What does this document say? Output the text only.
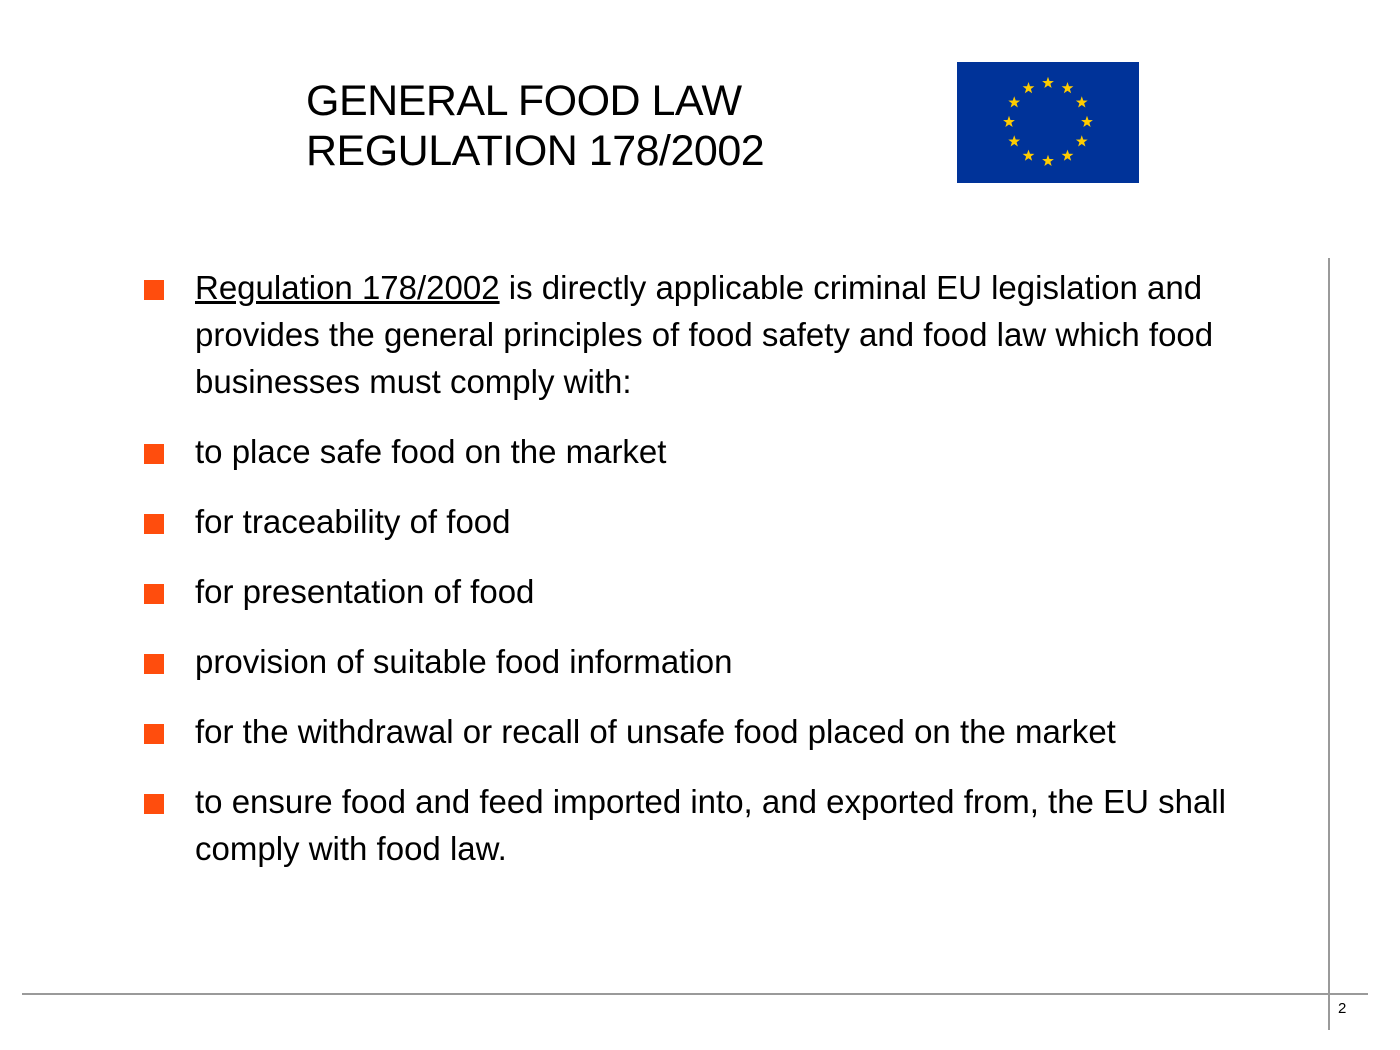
GENERAL FOOD LAW
REGULATION 178/2002
Regulation 178/2002 is directly applicable criminal EU legislation and provides the general principles of food safety and food law which food businesses must comply with:
to place safe food on the market
for traceability of food
for presentation of food
provision of suitable food information
for the withdrawal or recall of unsafe food placed on the market
to ensure food and feed imported into, and exported from, the EU shall comply with food law.
2
